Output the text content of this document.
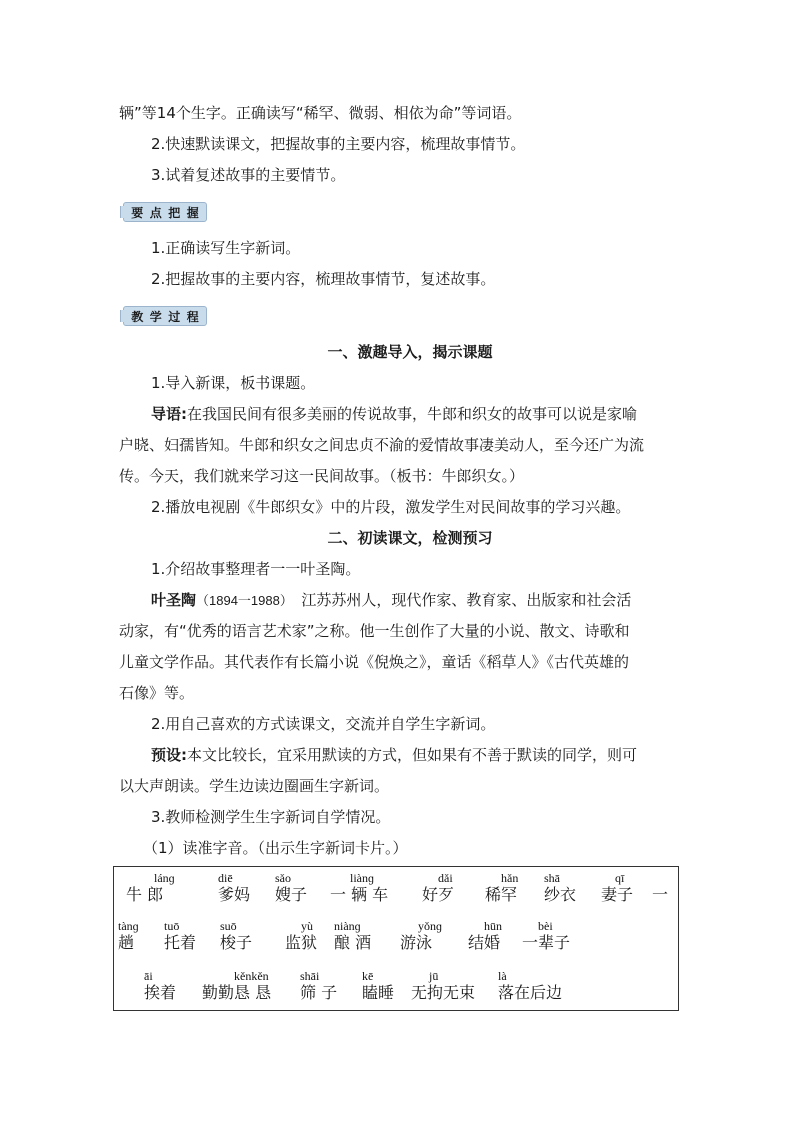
辆”等14个生字。正确读写“稀罕、微弱、相依为命”等词语。
2.快速默读课文，把握故事的主要内容，梳理故事情节。
3.试着复述故事的主要情节。
要 点 把 握
1.正确读写生字新词。
2.把握故事的主要内容，梳理故事情节，复述故事。
教 学 过 程
一、激趣导入，揭示课题
1.导入新课，板书课题。
导语:在我国民间有很多美丽的传说故事，牛郎和织女的故事可以说是家喻
户晓、妇孺皆知。牛郎和织女之间忠贞不渝的爱情故事凄美动人，至今还广为流
传。今天，我们就来学习这一民间故事。（板书：牛郎织女。）
2.播放电视剧《牛郎织女》中的片段，激发学生对民间故事的学习兴趣。
二、初读课文，检测预习
1.介绍故事整理者一一叶圣陶。
叶圣陶（1894一1988）　江苏苏州人，现代作家、教育家、出版家和社会活
动家，有“优秀的语言艺术家”之称。他一生创作了大量的小说、散文、诗歌和
儿童文学作品。其代表作有长篇小说《倪焕之》，童话《稻草人》《古代英雄的
石像》等。
2.用自己喜欢的方式读课文，交流并自学生字新词。
预设:本文比较长，宜采用默读的方式，但如果有不善于默读的同学，则可
以大声朗读。学生边读边圈画生字新词。
3.教师检测学生生字新词自学情况。
（1）读准字音。（出示生字新词卡片。）
lánɡ
牛 郎
diē
爹妈
sǎo
嫂子
liànɡ
一 辆 车
dǎi
好歹
hǎn
稀罕
shā
纱衣
qī
妻子 一
tànɡ
趟
tuō
托着
suō
梭子
yù
监狱
niànɡ
酿 酒
yǒnɡ
游泳
hūn
结婚
bèi
一辈子
āi
挨着
kěnkěn
勤勤恳 恳
shāi
筛 子
kē
瞌睡
jū
无拘无束
là
落在后边
